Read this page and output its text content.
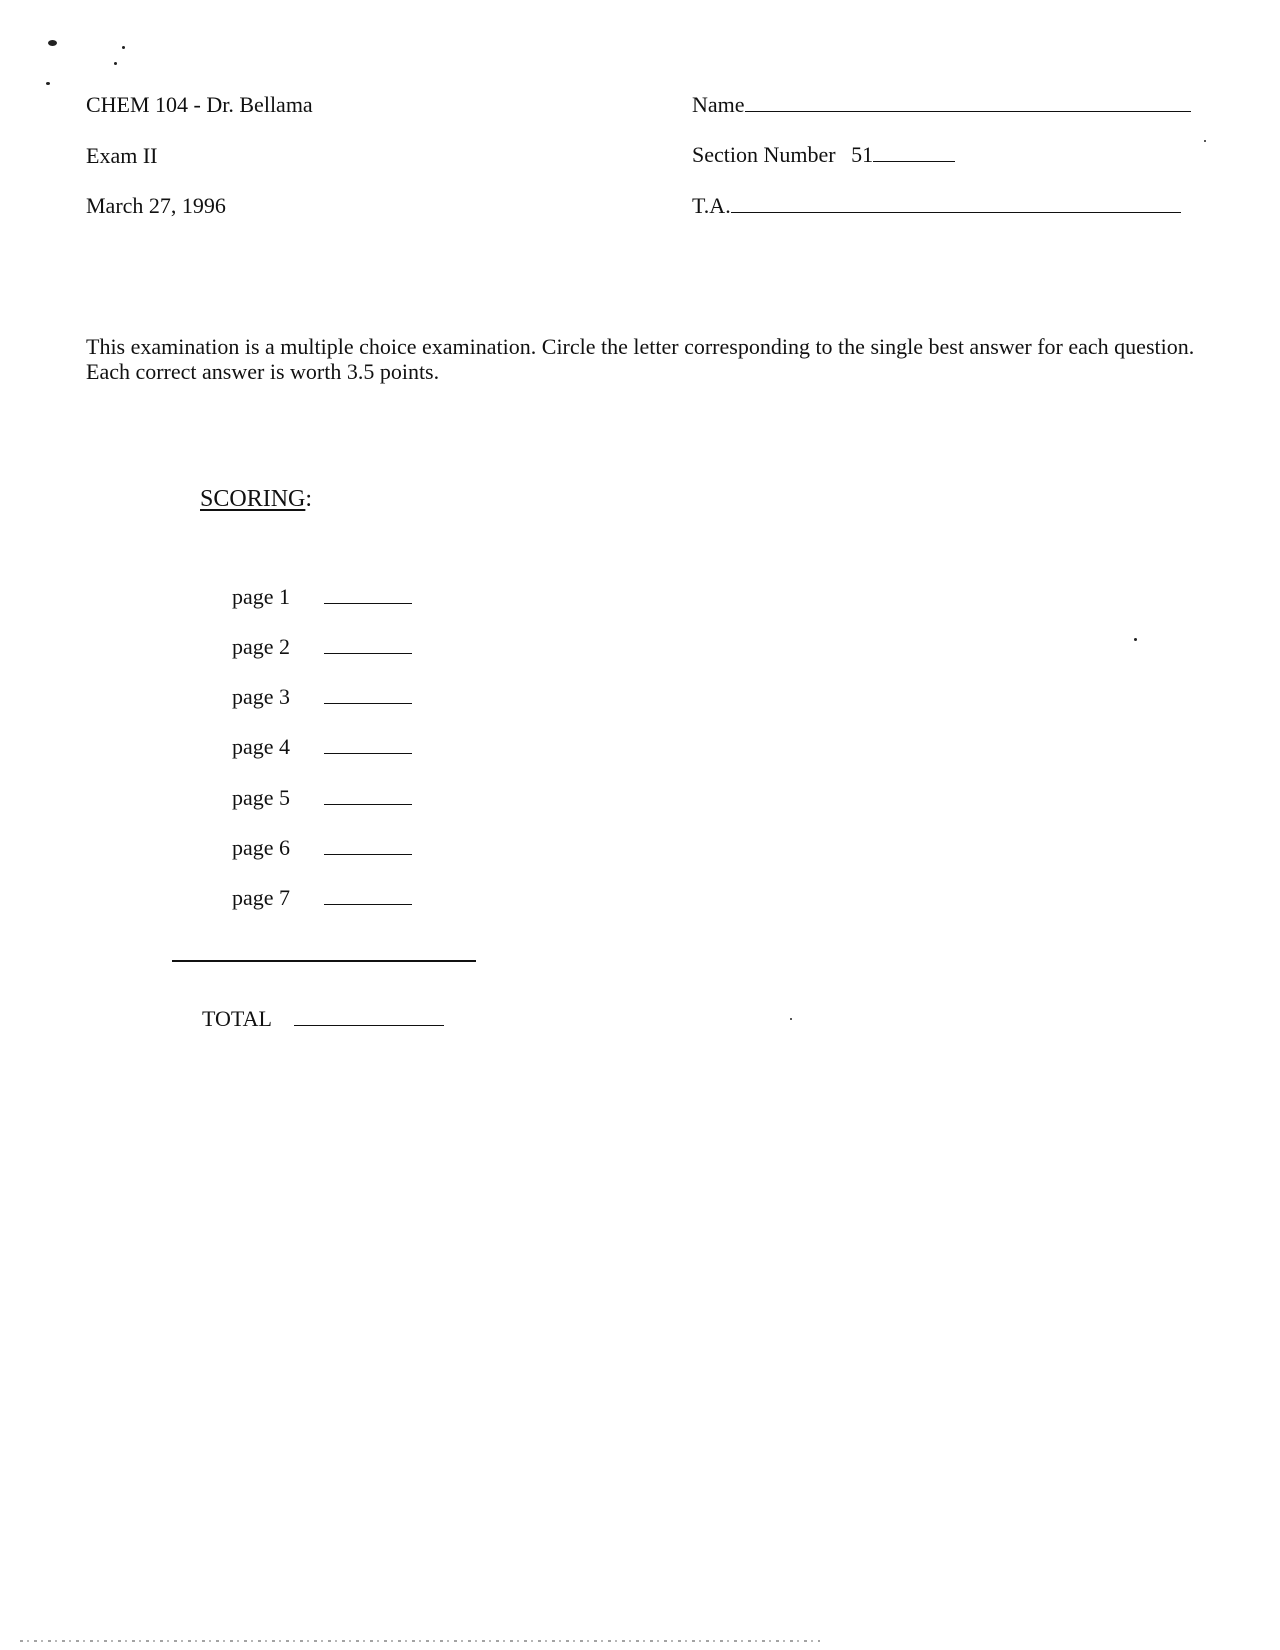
CHEM 104 - Dr. Bellama
Exam II
March 27, 1996
Name
Section Number 51
T.A.
This examination is a multiple choice examination. Circle the letter corresponding to the single best answer for each question. Each correct answer is worth 3.5 points.
SCORING:
page 1
page 2
page 3
page 4
page 5
page 6
page 7
TOTAL
